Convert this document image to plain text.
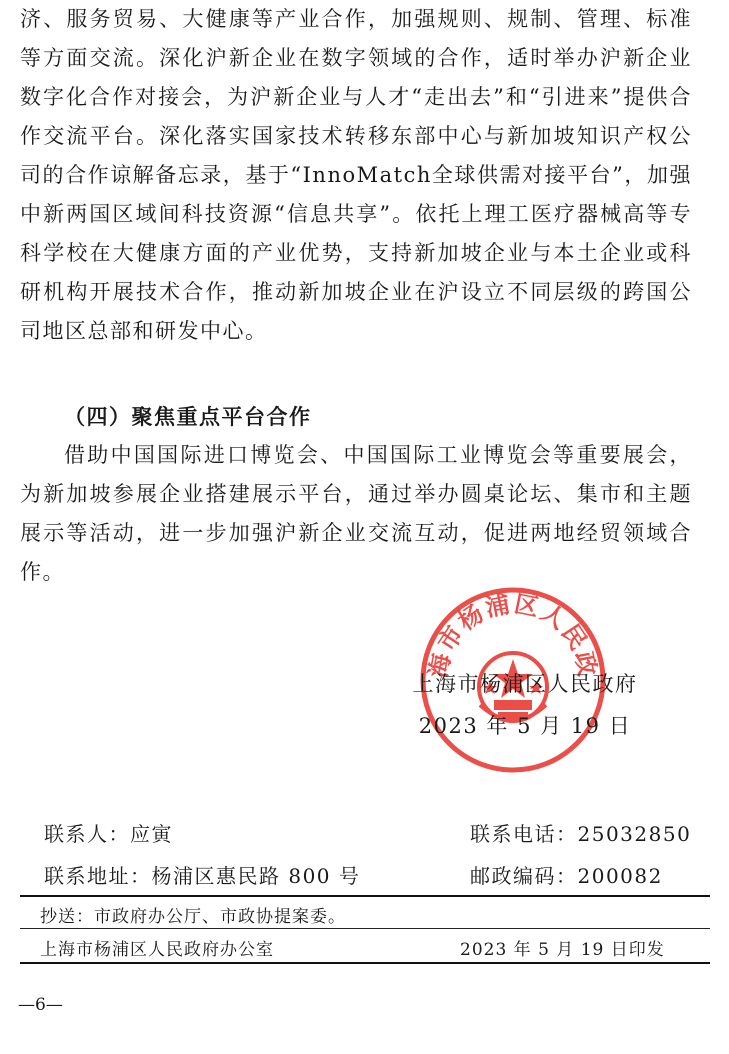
济、服务贸易、大健康等产业合作，加强规则、规制、管理、标准等方面交流。深化沪新企业在数字领域的合作，适时举办沪新企业数字化合作对接会，为沪新企业与人才“走出去”和“引进来”提供合作交流平台。深化落实国家技术转移东部中心与新加坡知识产权公司的合作谅解备忘录，基于“InnoMatch全球供需对接平台”，加强中新两国区域间科技资源“信息共享”。依托上理工医疗器械高等专科学校在大健康方面的产业优势，支持新加坡企业与本土企业或科研机构开展技术合作，推动新加坡企业在沪设立不同层级的跨国公司地区总部和研发中心。

（四）聚焦重点平台合作

借助中国国际进口博览会、中国国际工业博览会等重要展会，为新加坡参展企业搭建展示平台，通过举办圆桌论坛、集市和主题展示等活动，进一步加强沪新企业交流互动，促进两地经贸领域合作。

海市杨浦区人民政
上海市杨浦区人民政府
2023 年 5 月 19 日
联系人：应寅	联系电话：25032850
联系地址：杨浦区惠民路 800 号	邮政编码：200082
抄送：市政府办公厅、市政协提案委。
上海市杨浦区人民政府办公室	2023 年 5 月 19 日印发
—6—
